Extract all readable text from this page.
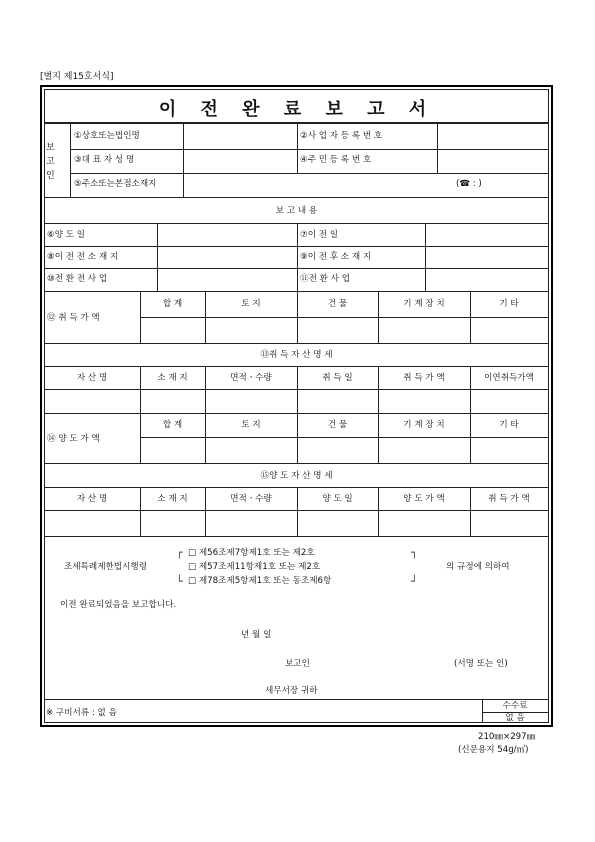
[별지 제15호서식]
이 전 완 료 보 고 서
보
고
인
①상호또는법인명	②사 업 자 등 록 번 호
③대 표 자 성 명	④주 민 등 록 번 호
⑤주소또는본점소재지	(☎ : )
보 고 내 용
⑥양 도 일	⑦이 전 일
⑧이 전 전 소 재 지	⑨이 전 후 소 재 지
⑩전 환 전 사 업	⑪전 환 사 업
⑫ 취 득 가 액
합 계	토 지	건 물	기 계 장 치	기 타
⑬취 득 자 산 명 세
자 산 명	소 재 지	면적ㆍ수량	취 득 일	취 득 가 액	이연취득가액
⑭ 양 도 가 액
합 계	토 지	건 물	기 계 장 치	기 타
⑮양 도 자 산 명 세
자 산 명	소 재 지	면적ㆍ수량	양 도 일	양 도 가 액	취 득 가 액
조세특례제한법시행령
┌
└
┐
┘
□ 제56조제7항제1호 또는 제2호
□ 제57조제11항제1호 또는 제2호
□ 제78조제5항제1호 또는 동조제6항
의 규정에 의하여
이전 완료되었음을 보고합니다.
년 월 일
보고인	(서명 또는 인)
세무서장 귀하
※ 구비서류 : 없 음
수수료
없 음
210㎜×297㎜
(신문용지 54g/㎡)
